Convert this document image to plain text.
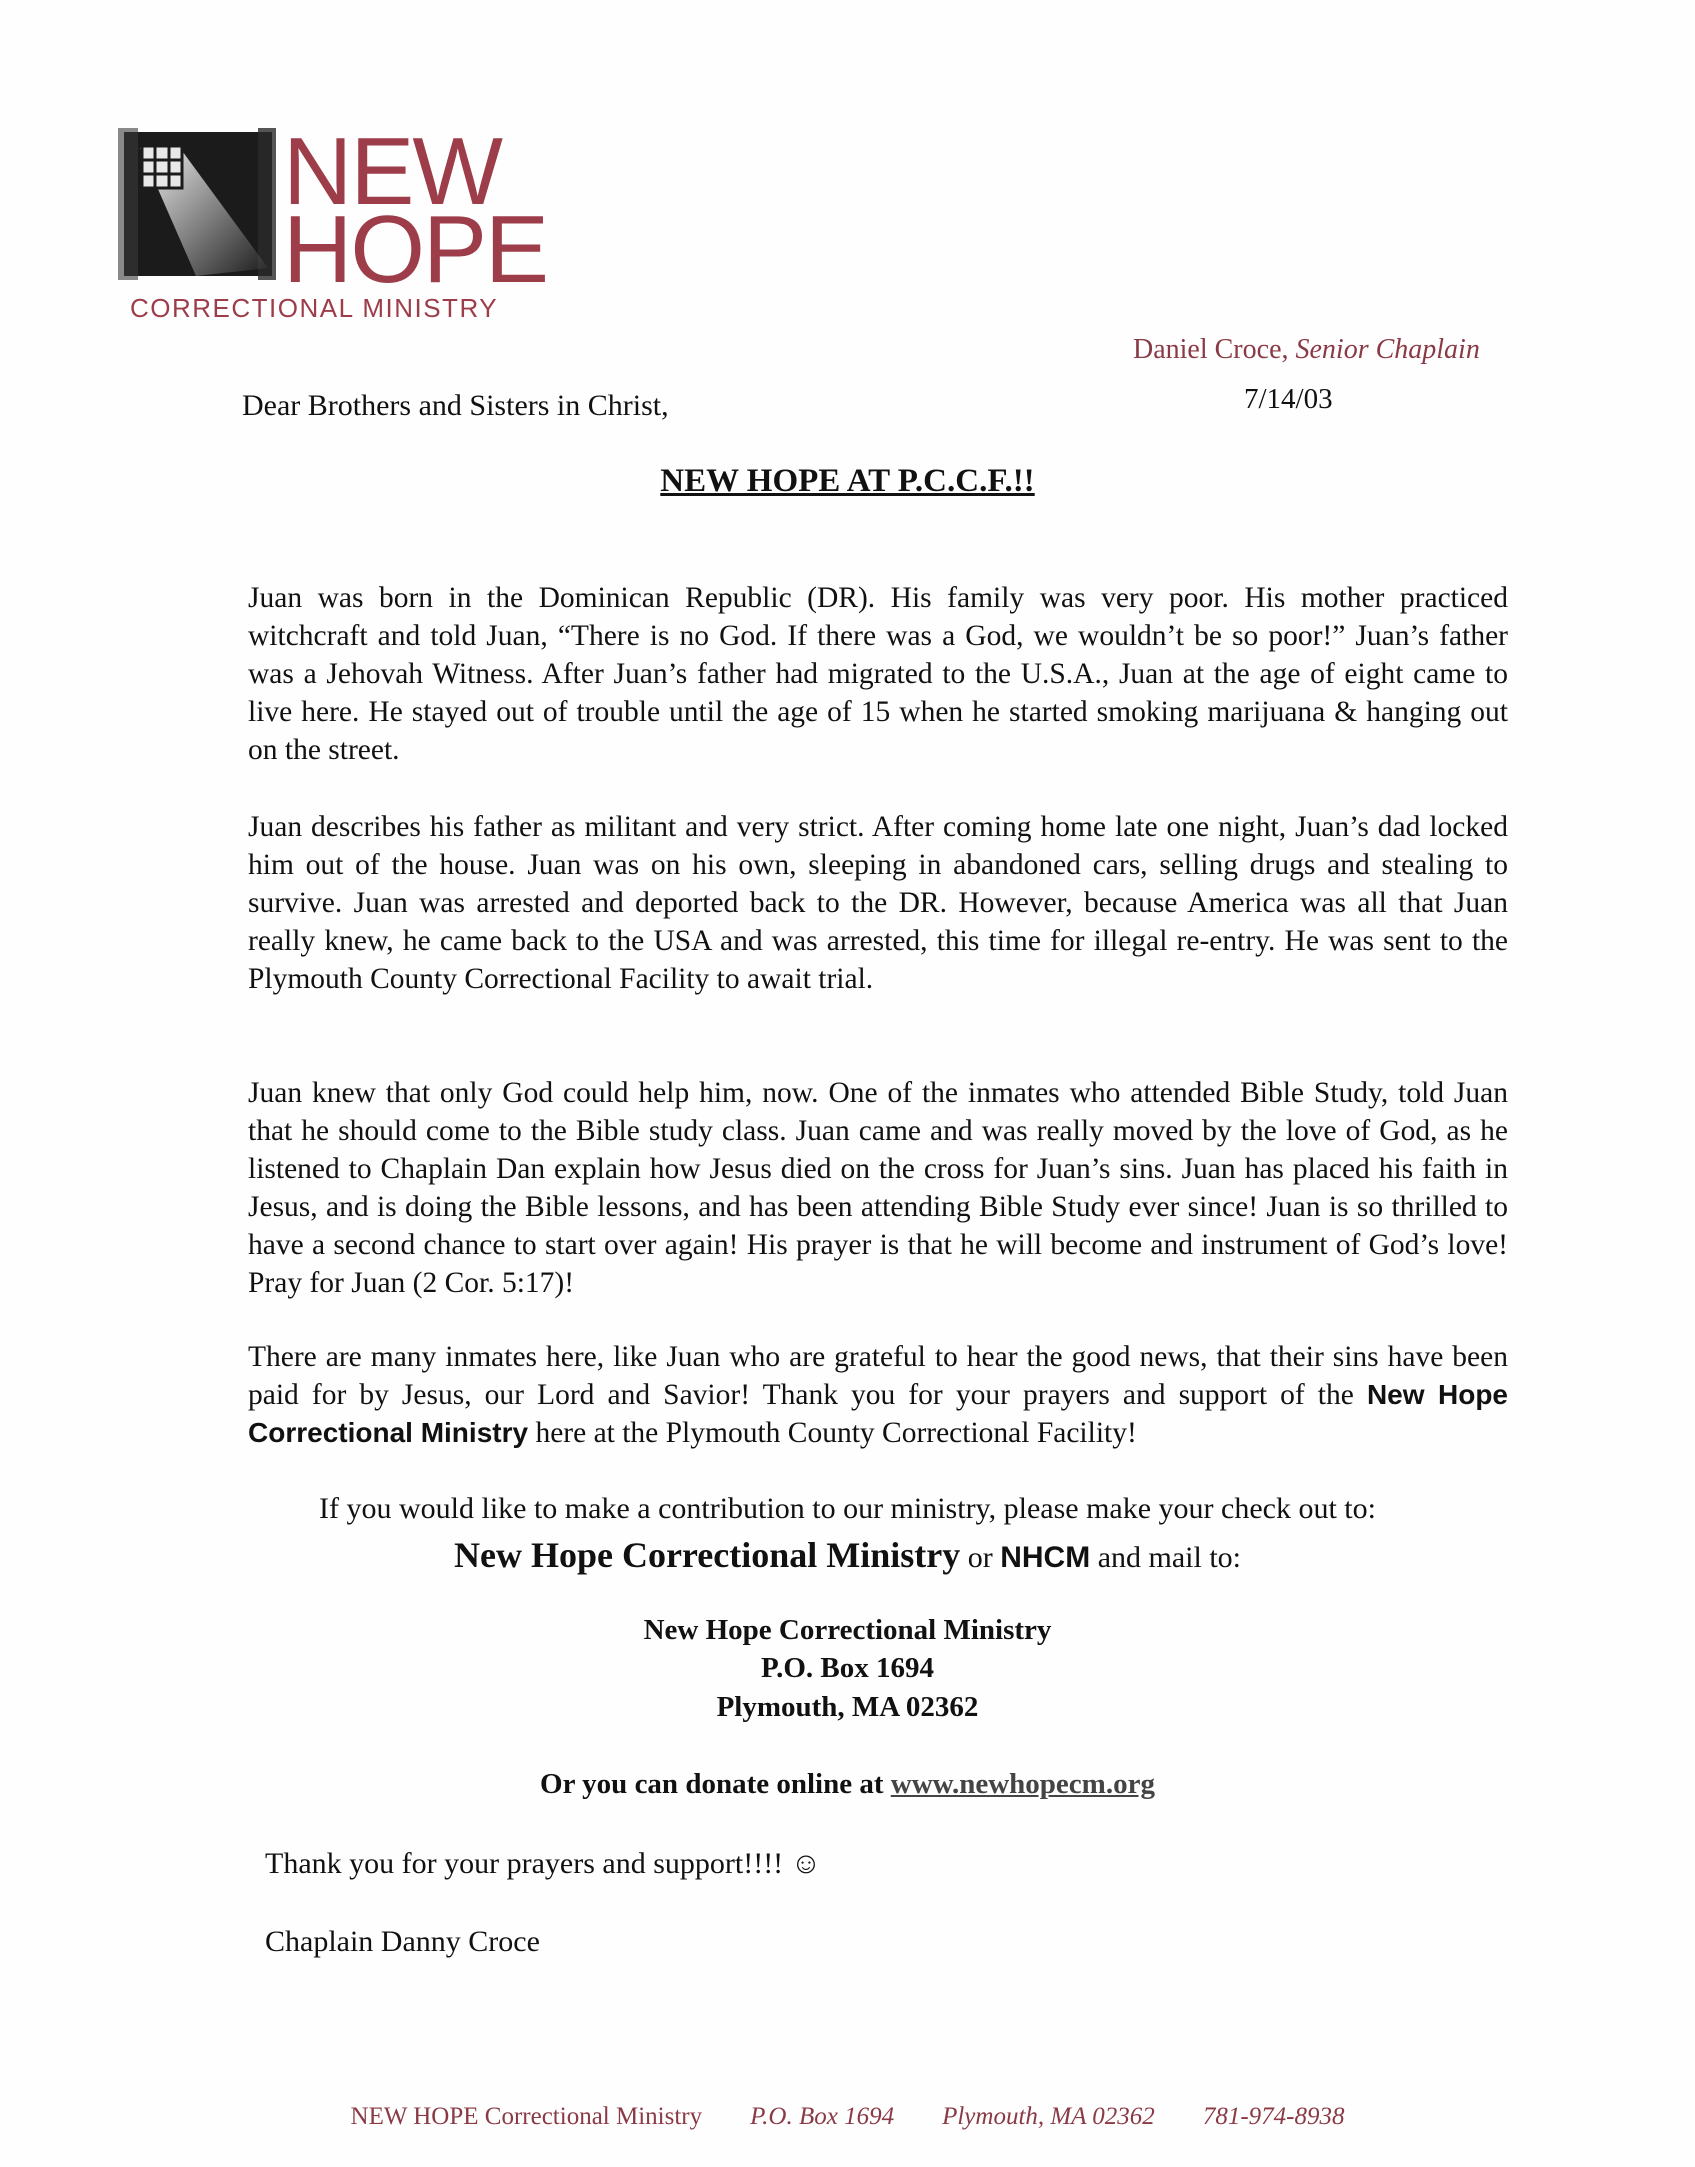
NEW
HOPE
CORRECTIONAL MINISTRY
Daniel Croce, Senior Chaplain
7/14/03
Dear Brothers and Sisters in Christ,
NEW HOPE AT P.C.C.F.!!
Juan was born in the Dominican Republic (DR). His family was very poor. His mother practiced witchcraft and told Juan, “There is no God. If there was a God, we wouldn’t be so poor!” Juan’s father was a Jehovah Witness. After Juan’s father had migrated to the U.S.A., Juan at the age of eight came to live here. He stayed out of trouble until the age of 15 when he started smoking marijuana & hanging out on the street.
Juan describes his father as militant and very strict. After coming home late one night, Juan’s dad locked him out of the house. Juan was on his own, sleeping in abandoned cars, selling drugs and stealing to survive. Juan was arrested and deported back to the DR. However, because America was all that Juan really knew, he came back to the USA and was arrested, this time for illegal re-entry. He was sent to the Plymouth County Correctional Facility to await trial.
Juan knew that only God could help him, now. One of the inmates who attended Bible Study, told Juan that he should come to the Bible study class. Juan came and was really moved by the love of God, as he listened to Chaplain Dan explain how Jesus died on the cross for Juan’s sins. Juan has placed his faith in Jesus, and is doing the Bible lessons, and has been attending Bible Study ever since! Juan is so thrilled to have a second chance to start over again! His prayer is that he will become and instrument of God’s love! Pray for Juan (2 Cor. 5:17)!
There are many inmates here, like Juan who are grateful to hear the good news, that their sins have been paid for by Jesus, our Lord and Savior! Thank you for your prayers and support of the New Hope Correctional Ministry here at the Plymouth County Correctional Facility!
If you would like to make a contribution to our ministry, please make your check out to:
New Hope Correctional Ministry or NHCM and mail to:
New Hope Correctional Ministry
P.O. Box 1694
Plymouth, MA 02362
Or you can donate online at www.newhopecm.org
Thank you for your prayers and support!!!! ☺
Chaplain Danny Croce
NEW HOPE Correctional Ministry P.O. Box 1694 Plymouth, MA 02362 781-974-8938
